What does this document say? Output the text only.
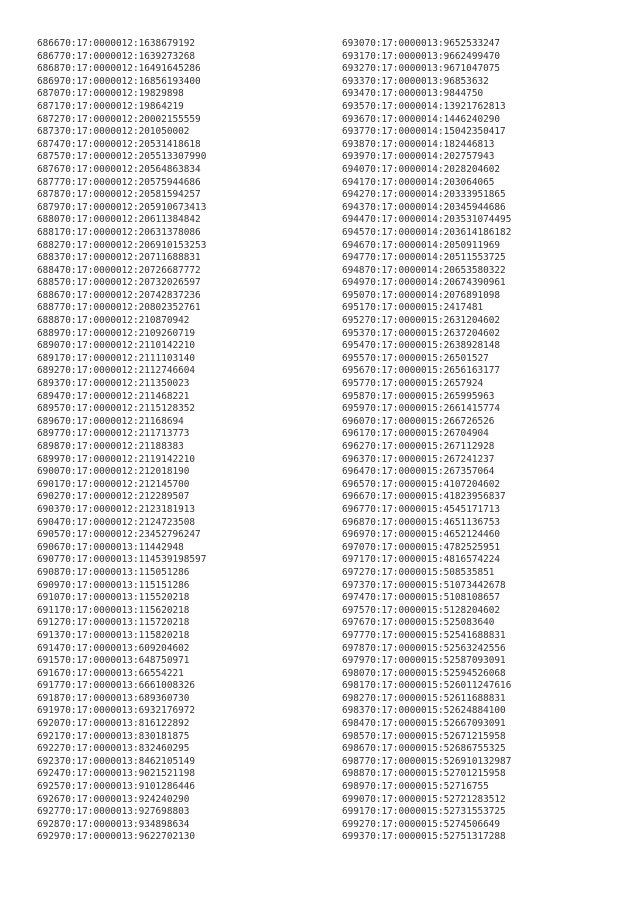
686670:17:0000012:1638679192
686770:17:0000012:1639273268
686870:17:0000012:16491645286
686970:17:0000012:16856193400
687070:17:0000012:19829898
687170:17:0000012:19864219
687270:17:0000012:20002155559
687370:17:0000012:201050002
687470:17:0000012:20531418618
687570:17:0000012:205513307990
687670:17:0000012:20564863834
687770:17:0000012:20575944686
687870:17:0000012:20581594257
687970:17:0000012:205910673413
688070:17:0000012:20611384842
688170:17:0000012:20631378086
688270:17:0000012:206910153253
688370:17:0000012:20711688831
688470:17:0000012:20726687772
688570:17:0000012:20732026597
688670:17:0000012:20742837236
688770:17:0000012:20802352761
688870:17:0000012:210870942
688970:17:0000012:2109260719
689070:17:0000012:2110142210
689170:17:0000012:2111103140
689270:17:0000012:2112746604
689370:17:0000012:211350023
689470:17:0000012:211468221
689570:17:0000012:2115128352
689670:17:0000012:21168694
689770:17:0000012:211713773
689870:17:0000012:21188383
689970:17:0000012:2119142210
690070:17:0000012:212018190
690170:17:0000012:212145700
690270:17:0000012:212289507
690370:17:0000012:2123181913
690470:17:0000012:2124723508
690570:17:0000012:23452796247
690670:17:0000013:11442948
690770:17:0000013:114539198597
690870:17:0000013:115051286
690970:17:0000013:115151286
691070:17:0000013:115520218
691170:17:0000013:115620218
691270:17:0000013:115720218
691370:17:0000013:115820218
691470:17:0000013:609204602
691570:17:0000013:648750971
691670:17:0000013:66554221
691770:17:0000013:6661008326
691870:17:0000013:689360730
691970:17:0000013:6932176972
692070:17:0000013:816122892
692170:17:0000013:830181875
692270:17:0000013:832460295
692370:17:0000013:8462105149
692470:17:0000013:9021521198
692570:17:0000013:9101286446
692670:17:0000013:924240290
692770:17:0000013:927698803
692870:17:0000013:934898634
692970:17:0000013:9622702130
693070:17:0000013:9652533247
693170:17:0000013:9662499470
693270:17:0000013:9671047075
693370:17:0000013:96853632
693470:17:0000013:9844750
693570:17:0000014:13921762813
693670:17:0000014:1446240290
693770:17:0000014:15042350417
693870:17:0000014:182446813
693970:17:0000014:202757943
694070:17:0000014:2028204602
694170:17:0000014:203064065
694270:17:0000014:20333951865
694370:17:0000014:20345944686
694470:17:0000014:203531074495
694570:17:0000014:203614186182
694670:17:0000014:2050911969
694770:17:0000014:20511553725
694870:17:0000014:20653580322
694970:17:0000014:20674390961
695070:17:0000014:2076891098
695170:17:0000015:2417481
695270:17:0000015:2631204602
695370:17:0000015:2637204602
695470:17:0000015:2638928148
695570:17:0000015:26501527
695670:17:0000015:2656163177
695770:17:0000015:2657924
695870:17:0000015:265995963
695970:17:0000015:2661415774
696070:17:0000015:266726526
696170:17:0000015:26704904
696270:17:0000015:267112928
696370:17:0000015:267241237
696470:17:0000015:267357064
696570:17:0000015:4107204602
696670:17:0000015:41823956837
696770:17:0000015:4545171713
696870:17:0000015:4651136753
696970:17:0000015:4652124460
697070:17:0000015:4782525951
697170:17:0000015:4816574224
697270:17:0000015:508535851
697370:17:0000015:51073442678
697470:17:0000015:5108108657
697570:17:0000015:5128204602
697670:17:0000015:525083640
697770:17:0000015:52541688831
697870:17:0000015:52563242556
697970:17:0000015:52587093091
698070:17:0000015:52594526068
698170:17:0000015:526011247616
698270:17:0000015:52611688831
698370:17:0000015:52624884100
698470:17:0000015:52667093091
698570:17:0000015:52671215958
698670:17:0000015:52686755325
698770:17:0000015:526910132987
698870:17:0000015:52701215958
698970:17:0000015:52716755
699070:17:0000015:52721283512
699170:17:0000015:52731553725
699270:17:0000015:5274506649
699370:17:0000015:52751317288
